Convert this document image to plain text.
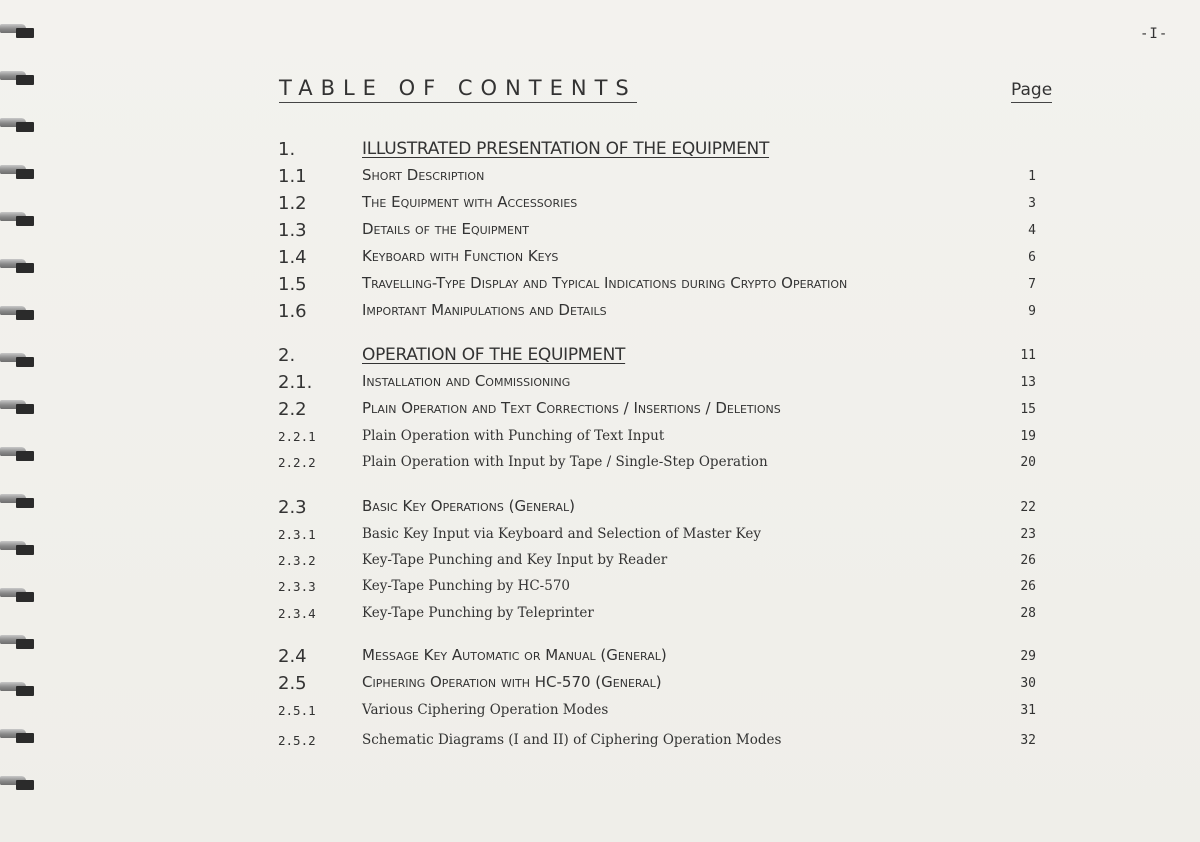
-I-
TABLE OF CONTENTS	Page
1.	ILLUSTRATED PRESENTATION OF THE EQUIPMENT
1.1	Short Description	1
1.2	The Equipment with Accessories	3
1.3	Details of the Equipment	4
1.4	Keyboard with Function Keys	6
1.5	Travelling-Type Display and Typical Indications during Crypto Operation	7
1.6	Important Manipulations and Details	9
2.	OPERATION OF THE EQUIPMENT	11
2.1.	Installation and Commissioning	13
2.2	Plain Operation and Text Corrections / Insertions / Deletions	15
2.2.1	Plain Operation with Punching of Text Input	19
2.2.2	Plain Operation with Input by Tape / Single-Step Operation	20
2.3	Basic Key Operations (General)	22
2.3.1	Basic Key Input via Keyboard and Selection of Master Key	23
2.3.2	Key-Tape Punching and Key Input by Reader	26
2.3.3	Key-Tape Punching by HC-570	26
2.3.4	Key-Tape Punching by Teleprinter	28
2.4	Message Key Automatic or Manual (General)	29
2.5	Ciphering Operation with HC-570 (General)	30
2.5.1	Various Ciphering Operation Modes	31
2.5.2	Schematic Diagrams (I and II) of Ciphering Operation Modes	32
